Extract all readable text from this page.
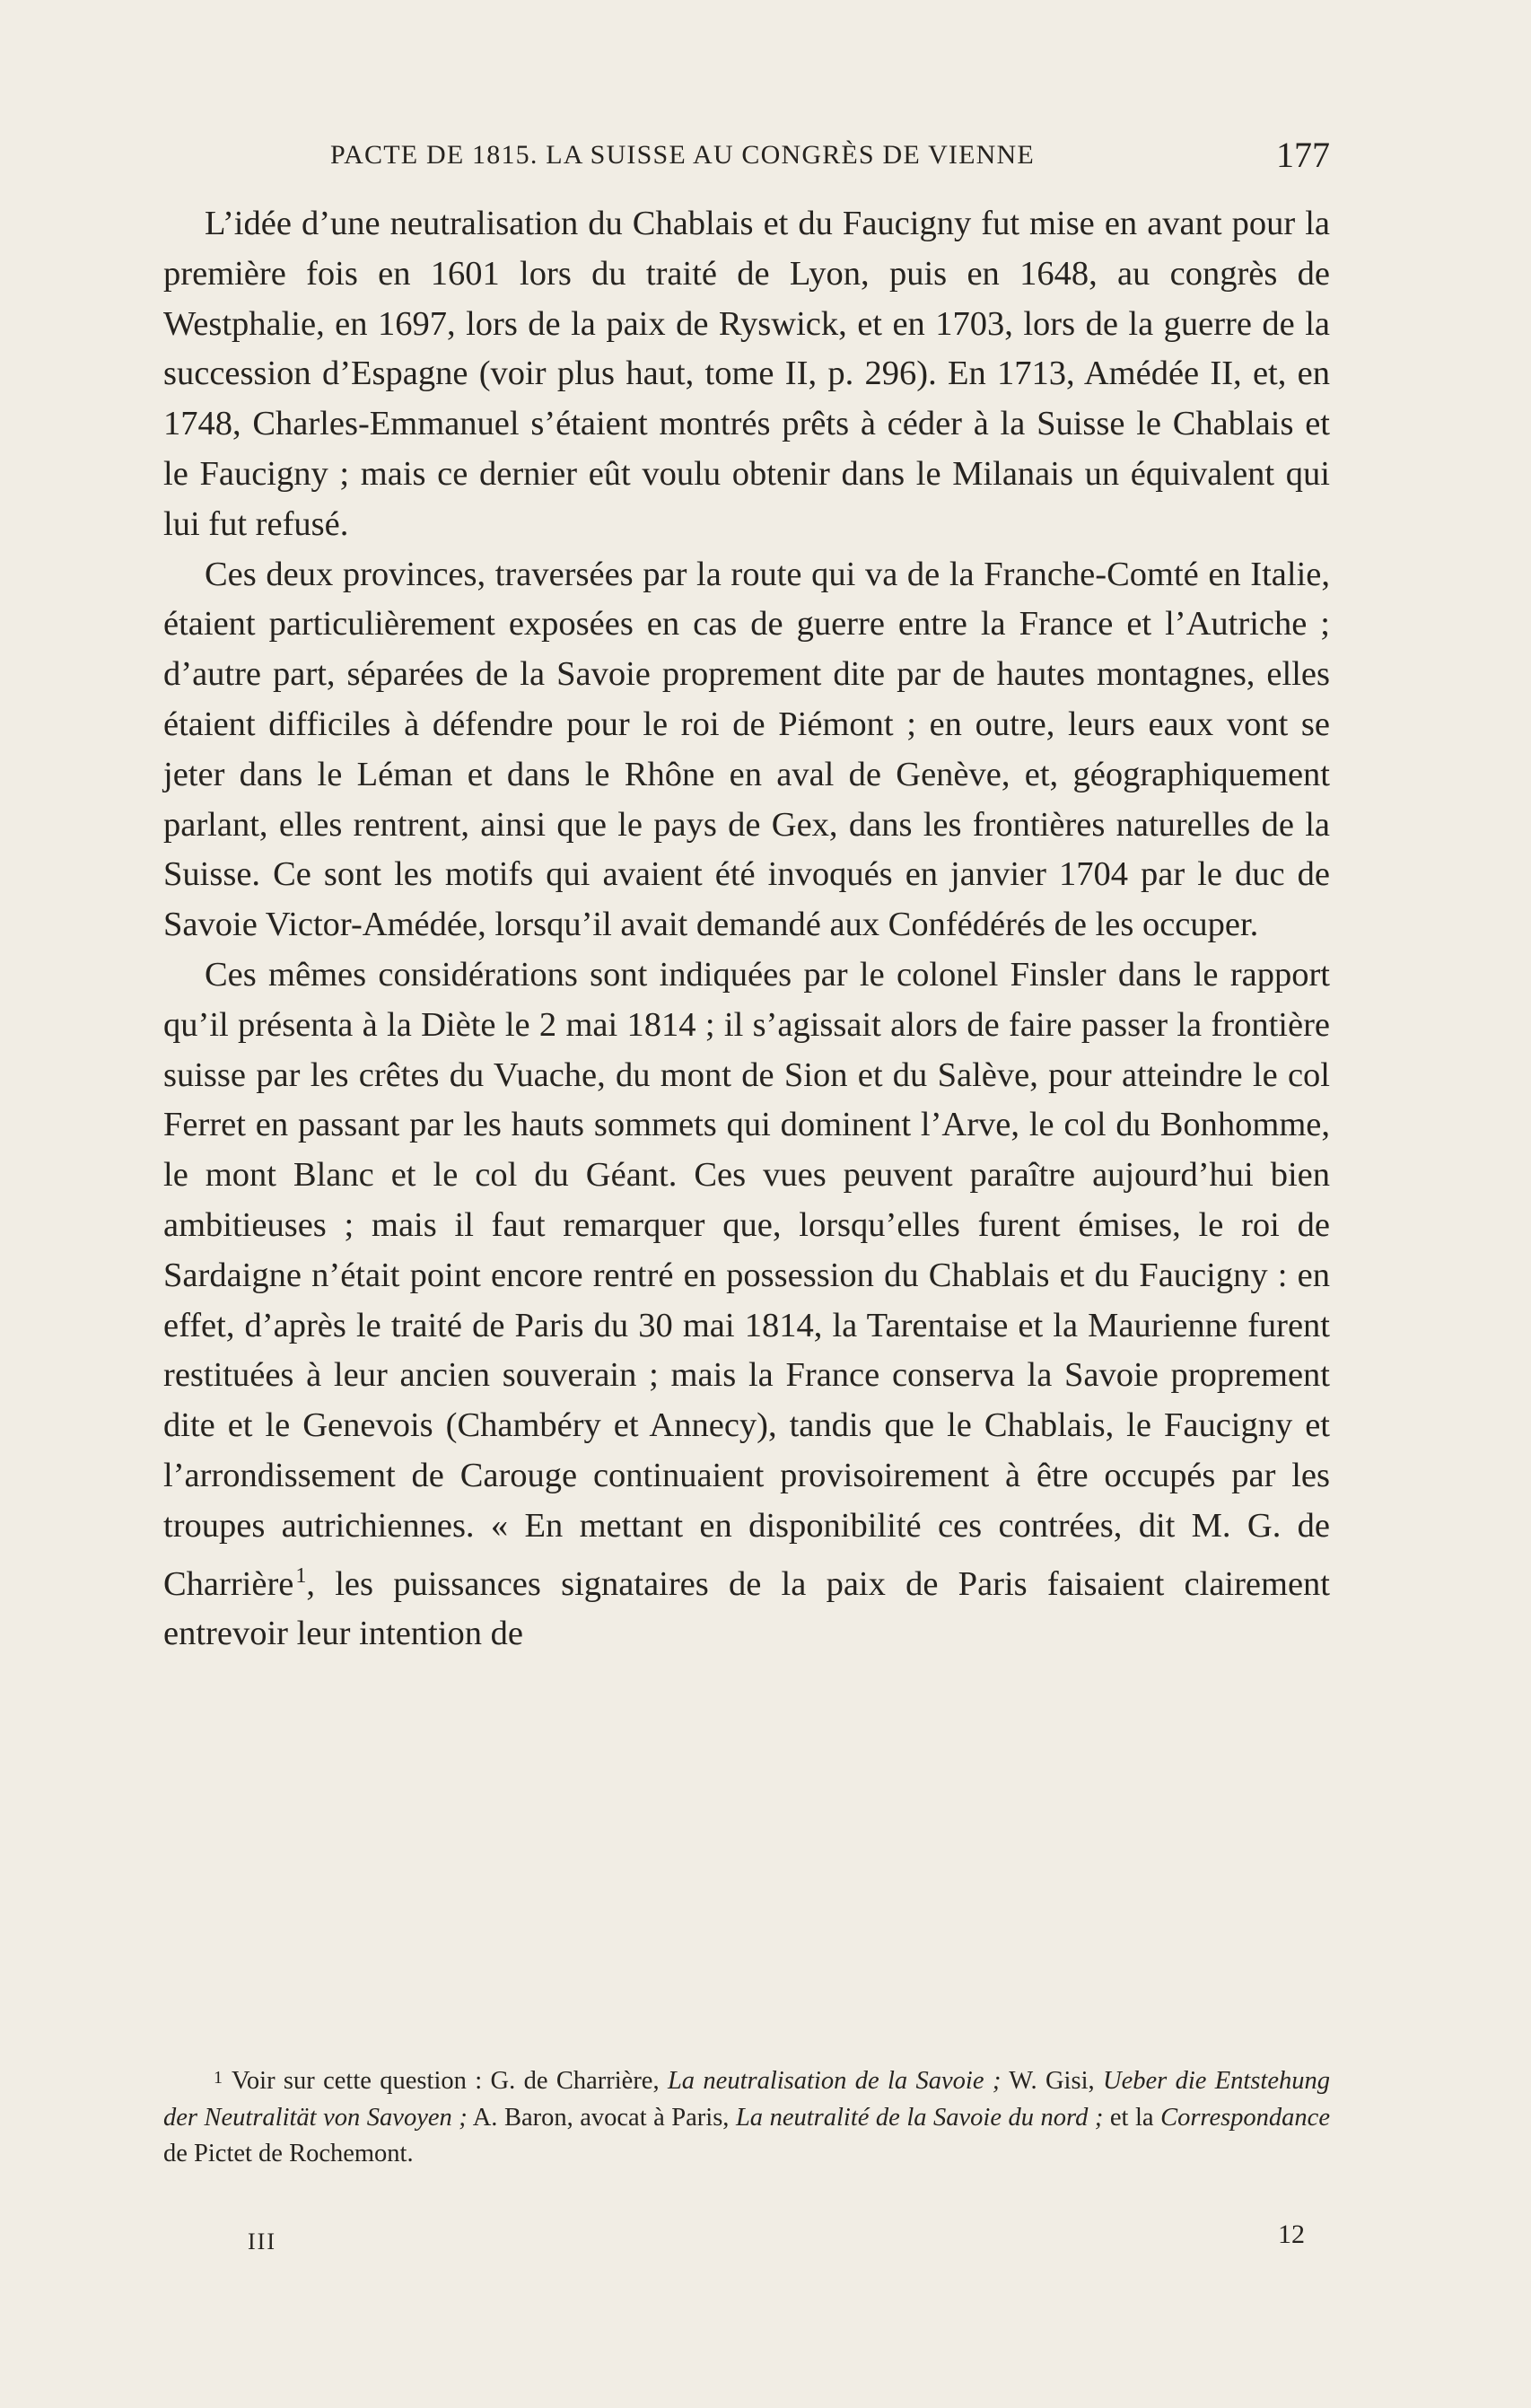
PACTE DE 1815. LA SUISSE AU CONGRÈS DE VIENNE	177

L’idée d’une neutralisation du Chablais et du Faucigny fut mise en avant pour la première fois en 1601 lors du traité de Lyon, puis en 1648, au congrès de Westphalie, en 1697, lors de la paix de Ryswick, et en 1703, lors de la guerre de la succession d’Espagne (voir plus haut, tome II, p. 296). En 1713, Amédée II, et, en 1748, Charles-Emmanuel s’étaient montrés prêts à céder à la Suisse le Chablais et le Faucigny ; mais ce dernier eût voulu obtenir dans le Milanais un équivalent qui lui fut refusé.

Ces deux provinces, traversées par la route qui va de la Franche-Comté en Italie, étaient particulièrement exposées en cas de guerre entre la France et l’Autriche ; d’autre part, séparées de la Savoie proprement dite par de hautes montagnes, elles étaient difficiles à défendre pour le roi de Piémont ; en outre, leurs eaux vont se jeter dans le Léman et dans le Rhône en aval de Genève, et, géographiquement parlant, elles rentrent, ainsi que le pays de Gex, dans les frontières naturelles de la Suisse. Ce sont les motifs qui avaient été invoqués en janvier 1704 par le duc de Savoie Victor-Amédée, lorsqu’il avait demandé aux Confédérés de les occuper.

Ces mêmes considérations sont indiquées par le colonel Finsler dans le rapport qu’il présenta à la Diète le 2 mai 1814 ; il s’agissait alors de faire passer la frontière suisse par les crêtes du Vuache, du mont de Sion et du Salève, pour atteindre le col Ferret en passant par les hauts sommets qui dominent l’Arve, le col du Bonhomme, le mont Blanc et le col du Géant. Ces vues peuvent paraître aujourd’hui bien ambitieuses ; mais il faut remarquer que, lorsqu’elles furent émises, le roi de Sardaigne n’était point encore rentré en possession du Chablais et du Faucigny : en effet, d’après le traité de Paris du 30 mai 1814, la Tarentaise et la Maurienne furent restituées à leur ancien souverain ; mais la France conserva la Savoie proprement dite et le Genevois (Chambéry et Annecy), tandis que le Chablais, le Faucigny et l’arrondissement de Carouge continuaient provisoirement à être occupés par les troupes autrichiennes. « En mettant en disponibilité ces contrées, dit M. G. de Charrière$^1$, les puissances signataires de la paix de Paris faisaient clairement entrevoir leur intention de

$^1$ Voir sur cette question : G. de Charrière, La neutralisation de la Savoie ; W. Gisi, Ueber die Entstehung der Neutralität von Savoyen ; A. Baron, avocat à Paris, La neutralité de la Savoie du nord ; et la Correspondance de Pictet de Rochemont.

III	12
